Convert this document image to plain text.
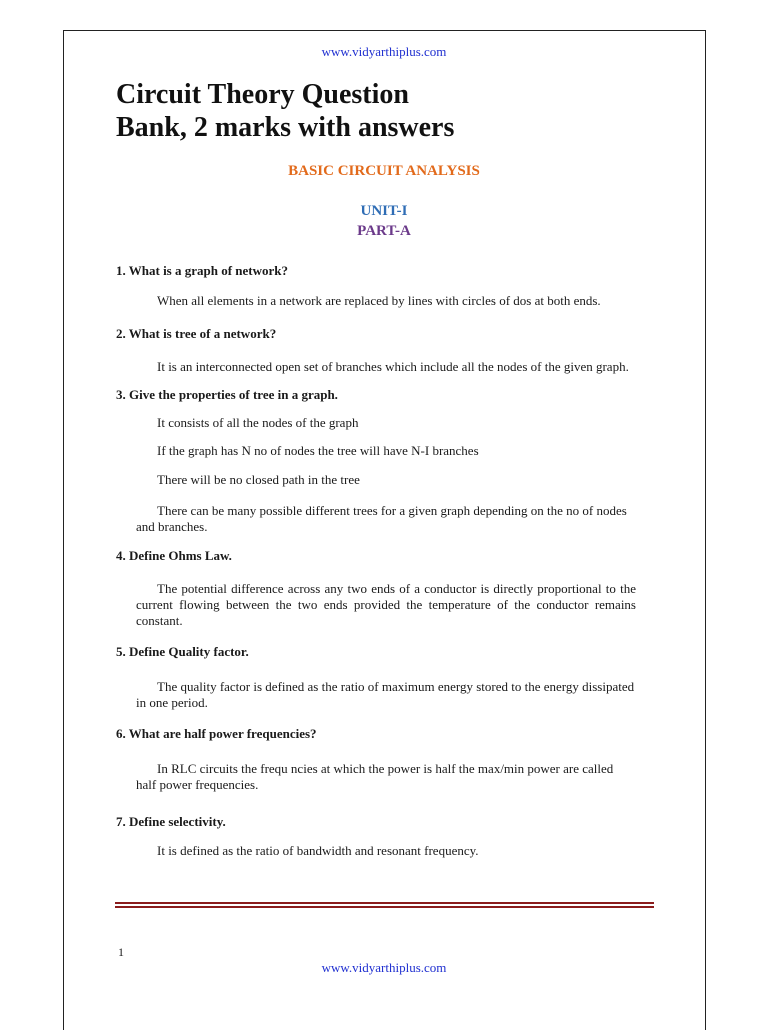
www.vidyarthiplus.com
Circuit Theory Question
Bank, 2 marks with answers
BASIC CIRCUIT ANALYSIS
UNIT-I
PART-A

1. What is a graph of network?

When all elements in a network are replaced by lines with circles of dos at both ends.

2. What is tree of a network?

It is an interconnected open set of branches which include all the nodes of the given graph.

3. Give the properties of tree in a graph.

It consists of all the nodes of the graph

If the graph has N no of nodes the tree will have N-I branches

There will be no closed path in the tree

There can be many possible different trees for a given graph depending on the no of nodes and branches.

4. Define Ohms Law.

The potential difference across any two ends of a conductor is directly proportional to the current flowing between the two ends provided the temperature of the conductor remains constant.

5. Define Quality factor.

The quality factor is defined as the ratio of maximum energy stored to the energy dissipated in one period.

6. What are half power frequencies?

In RLC circuits the frequ ncies at which the power is half the max/min power are called half power frequencies.

7. Define selectivity.

It is defined as the ratio of bandwidth and resonant frequency.

1
www.vidyarthiplus.com
